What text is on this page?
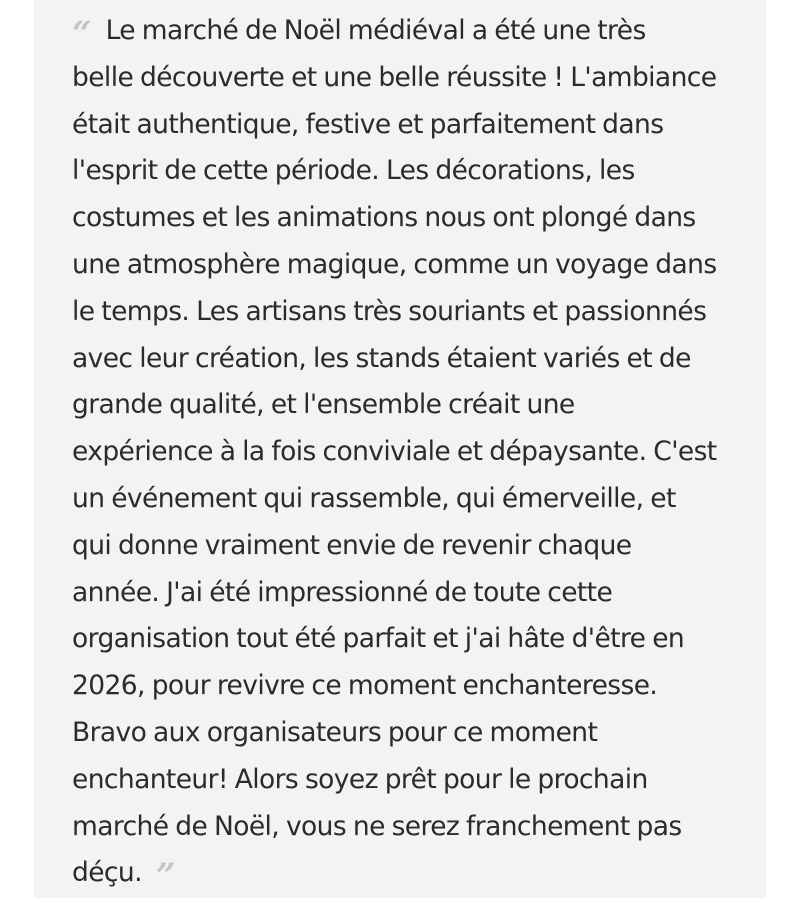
“ Le marché de Noël médiéval a été une très
belle découverte et une belle réussite ! L'ambiance
était authentique, festive et parfaitement dans
l'esprit de cette période. Les décorations, les
costumes et les animations nous ont plongé dans
une atmosphère magique, comme un voyage dans
le temps. Les artisans très souriants et passionnés
avec leur création, les stands étaient variés et de
grande qualité, et l'ensemble créait une
expérience à la fois conviviale et dépaysante. C'est
un événement qui rassemble, qui émerveille, et
qui donne vraiment envie de revenir chaque
année. J'ai été impressionné de toute cette
organisation tout été parfait et j'ai hâte d'être en
2026, pour revivre ce moment enchanteresse.
Bravo aux organisateurs pour ce moment
enchanteur! Alors soyez prêt pour le prochain
marché de Noël, vous ne serez franchement pas
déçu. ”
